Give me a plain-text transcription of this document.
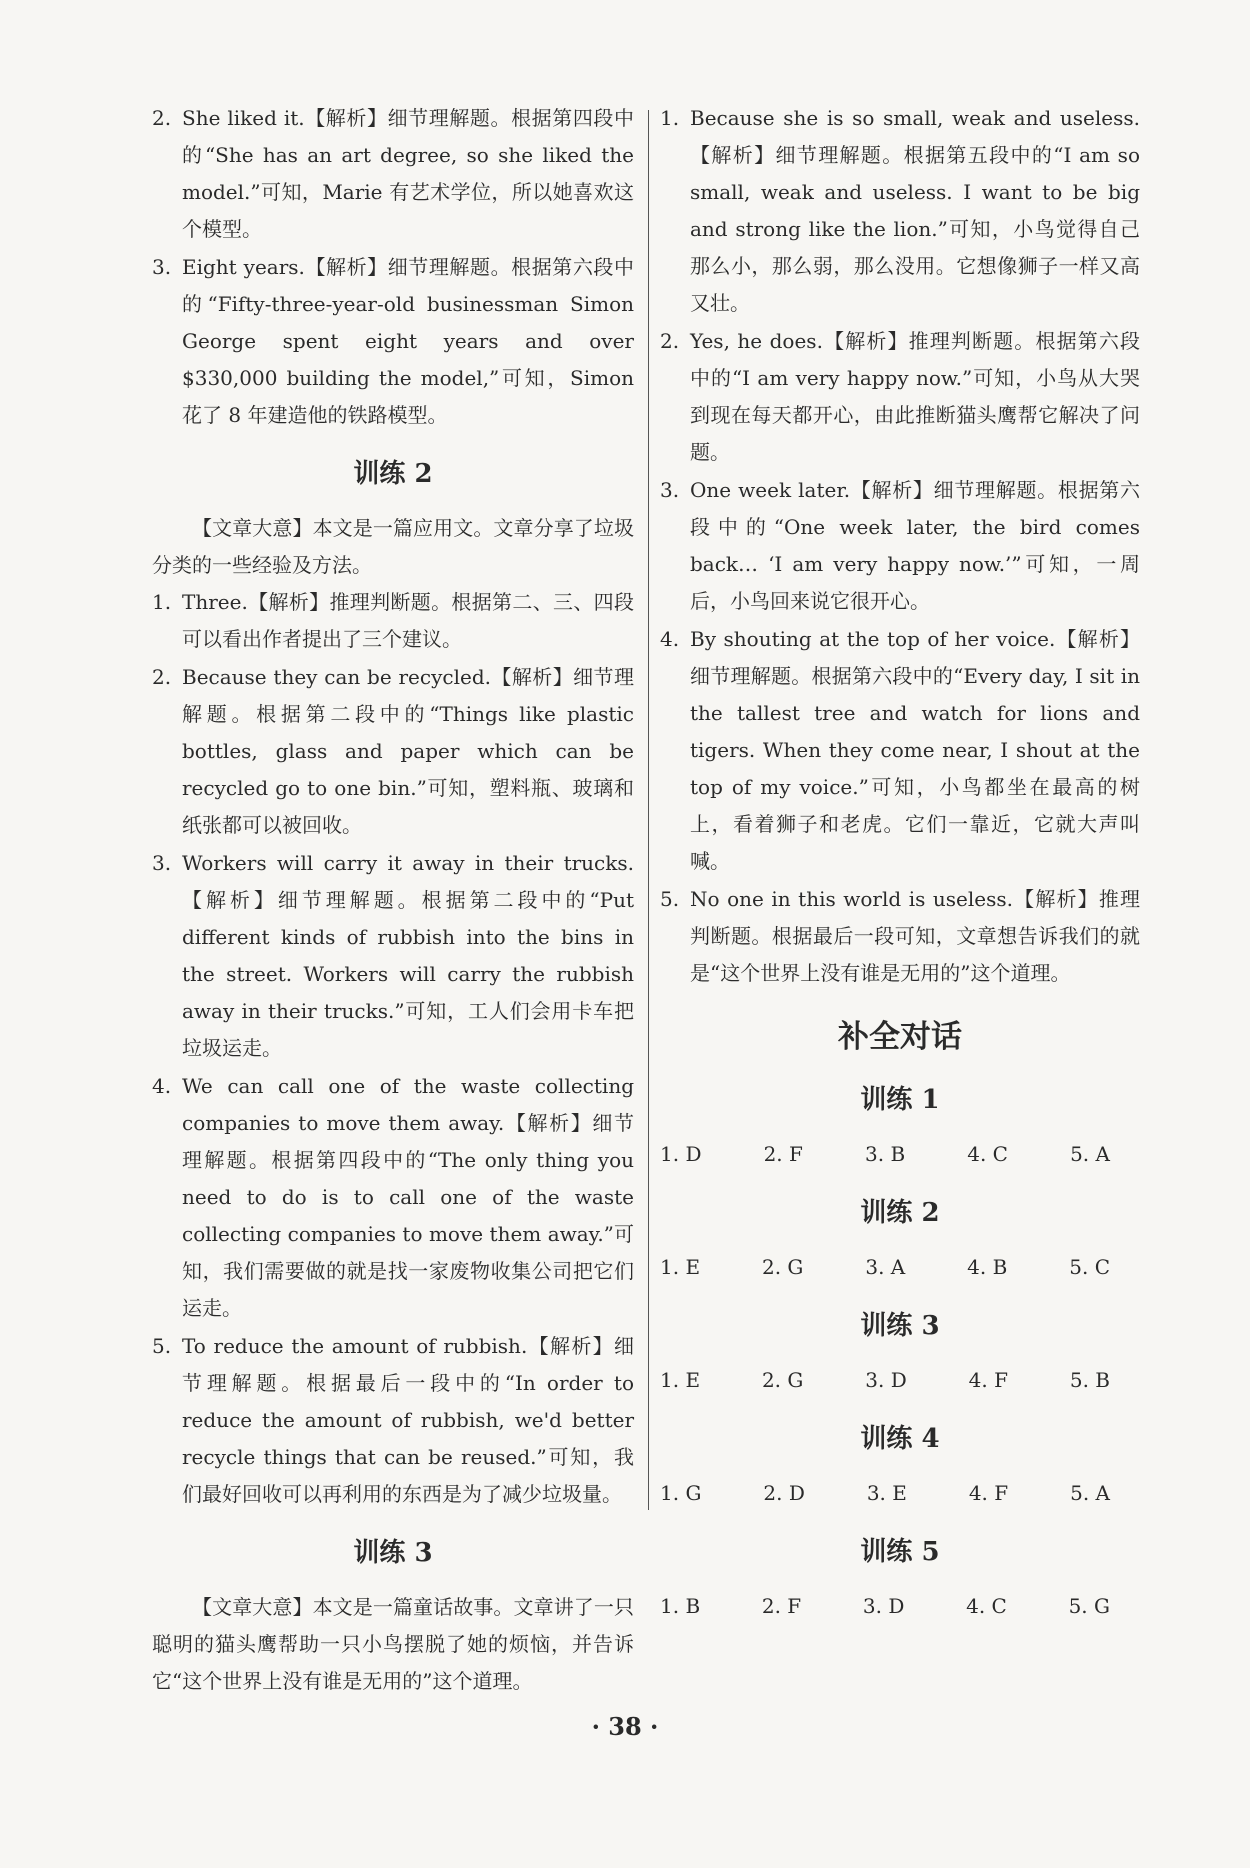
2. She liked it.【解析】细节理解题。根据第四段中的“She has an art degree, so she liked the model.”可知，Marie 有艺术学位，所以她喜欢这个模型。
3. Eight years.【解析】细节理解题。根据第六段中的“Fifty-three-year-old businessman Simon George spent eight years and over $330,000 building the model,”可知，Simon 花了 8 年建造他的铁路模型。
训练 2

【文章大意】本文是一篇应用文。文章分享了垃圾分类的一些经验及方法。

1. Three.【解析】推理判断题。根据第二、三、四段可以看出作者提出了三个建议。
2. Because they can be recycled.【解析】细节理解题。根据第二段中的“Things like plastic bottles, glass and paper which can be recycled go to one bin.”可知，塑料瓶、玻璃和纸张都可以被回收。
3. Workers will carry it away in their trucks.【解析】细节理解题。根据第二段中的“Put different kinds of rubbish into the bins in the street. Workers will carry the rubbish away in their trucks.”可知，工人们会用卡车把垃圾运走。
4. We can call one of the waste collecting companies to move them away.【解析】细节理解题。根据第四段中的“The only thing you need to do is to call one of the waste collecting companies to move them away.”可知，我们需要做的就是找一家废物收集公司把它们运走。
5. To reduce the amount of rubbish.【解析】细节理解题。根据最后一段中的“In order to reduce the amount of rubbish, we'd better recycle things that can be reused.”可知，我们最好回收可以再利用的东西是为了减少垃圾量。
训练 3

【文章大意】本文是一篇童话故事。文章讲了一只聪明的猫头鹰帮助一只小鸟摆脱了她的烦恼，并告诉它“这个世界上没有谁是无用的”这个道理。

1. Because she is so small, weak and useless.【解析】细节理解题。根据第五段中的“I am so small, weak and useless. I want to be big and strong like the lion.”可知，小鸟觉得自己那么小，那么弱，那么没用。它想像狮子一样又高又壮。
2. Yes, he does.【解析】推理判断题。根据第六段中的“I am very happy now.”可知，小鸟从大哭到现在每天都开心，由此推断猫头鹰帮它解决了问题。
3. One week later.【解析】细节理解题。根据第六段中的“One week later, the bird comes back… ‘I am very happy now.’”可知，一周后，小鸟回来说它很开心。
4. By shouting at the top of her voice.【解析】细节理解题。根据第六段中的“Every day, I sit in the tallest tree and watch for lions and tigers. When they come near, I shout at the top of my voice.”可知，小鸟都坐在最高的树上，看着狮子和老虎。它们一靠近，它就大声叫喊。
5. No one in this world is useless.【解析】推理判断题。根据最后一段可知，文章想告诉我们的就是“这个世界上没有谁是无用的”这个道理。
补全对话
训练 1
1. D	2. F	3. B	4. C	5. A
训练 2
1. E	2. G	3. A	4. B	5. C
训练 3
1. E	2. G	3. D	4. F	5. B
训练 4
1. G	2. D	3. E	4. F	5. A
训练 5
1. B	2. F	3. D	4. C	5. G
· 38 ·
